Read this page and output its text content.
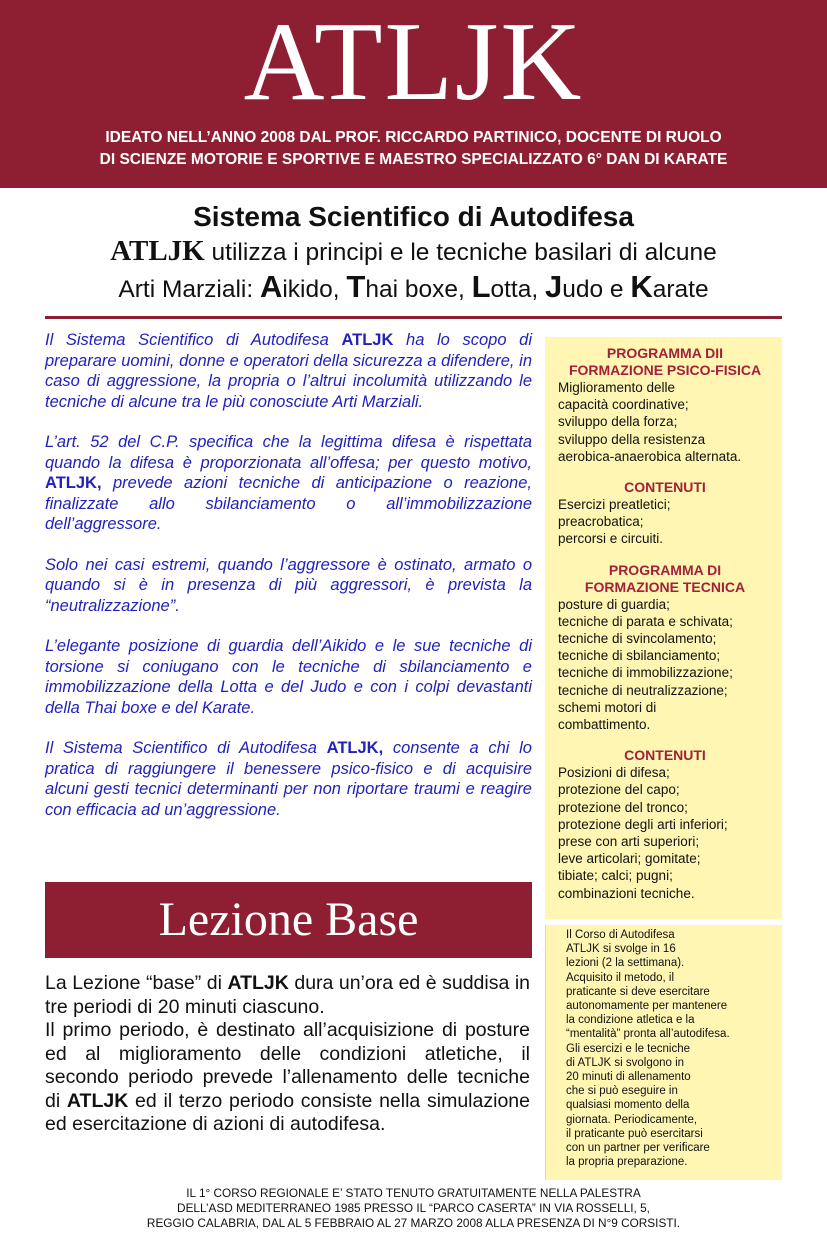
ATLJK
IDEATO NELL’ANNO 2008 DAL PROF. RICCARDO PARTINICO, DOCENTE DI RUOLO
DI SCIENZE MOTORIE E SPORTIVE E MAESTRO SPECIALIZZATO 6° DAN DI KARATE
Sistema Scientifico di Autodifesa
ATLJK utilizza i principi e le tecniche basilari di alcune
Arti Marziali: Aikido, Thai boxe, Lotta, Judo e Karate

Il Sistema Scientifico di Autodifesa ATLJK ha lo scopo di preparare uomini, donne e operatori della sicurezza a difendere, in caso di aggressione, la propria o l’altrui incolumità utilizzando le tecniche di alcune tra le più conosciute Arti Marziali.

L’art. 52 del C.P. specifica che la legittima difesa è rispettata quando la difesa è proporzionata all’offesa; per questo motivo, ATLJK, prevede azioni tecniche di anticipazione o reazione, finalizzate allo sbilanciamento o all’immobilizzazione dell’aggressore.

Solo nei casi estremi, quando l’aggressore è ostinato, armato o quando si è in presenza di più aggressori, è prevista la “neutralizzazione”.

L’elegante posizione di guardia dell’Aikido e le sue tecniche di torsione si coniugano con le tecniche di sbilanciamento e immobilizzazione della Lotta e del Judo e con i colpi devastanti della Thai boxe e del Karate.

Il Sistema Scientifico di Autodifesa ATLJK, consente a chi lo pratica di raggiungere il benessere psico-fisico e di acquisire alcuni gesti tecnici determinanti per non riportare traumi e reagire con efficacia ad un’aggressione.

PROGRAMMA DII
FORMAZIONE PSICO-FISICA
Miglioramento delle
capacità coordinative;
sviluppo della forza;
sviluppo della resistenza
aerobica-anaerobica alternata.
CONTENUTI
Esercizi preatletici;
preacrobatica;
percorsi e circuiti.
PROGRAMMA DI
FORMAZIONE TECNICA
posture di guardia;
tecniche di parata e schivata;
tecniche di svincolamento;
tecniche di sbilanciamento;
tecniche di immobilizzazione;
tecniche di neutralizzazione;
schemi motori di
combattimento.
CONTENUTI
Posizioni di difesa;
protezione del capo;
protezione del tronco;
protezione degli arti inferiori;
prese con arti superiori;
leve articolari; gomitate;
tibiate; calci; pugni;
combinazioni tecniche.
Lezione Base

La Lezione “base” di ATLJK dura un’ora ed è suddisa in tre periodi di 20 minuti ciascuno.

Il primo periodo, è destinato all’acquisizione di posture ed al miglioramento delle condizioni atletiche, il secondo periodo prevede l’allenamento delle tecniche di ATLJK ed il terzo periodo consiste nella simulazione ed esercitazione di azioni di autodifesa.

Il Corso di Autodifesa

ATLJK si svolge in 16

lezioni (2 la settimana).

Acquisito il metodo, il

praticante si deve esercitare

autonomamente per mantenere

la condizione atletica e la

“mentalità” pronta all’autodifesa.

Gli esercizi e le tecniche

di ATLJK si svolgono in

20 minuti di allenamento

che si può eseguire in

qualsiasi momento della

giornata. Periodicamente,

il praticante può esercitarsi

con un partner per verificare

la propria preparazione.

IL 1° CORSO REGIONALE E’ STATO TENUTO GRATUITAMENTE NELLA PALESTRA
DELL’ASD MEDITERRANEO 1985 PRESSO IL “PARCO CASERTA” IN VIA ROSSELLI, 5,
REGGIO CALABRIA, DAL AL 5 FEBBRAIO AL 27 MARZO 2008 ALLA PRESENZA DI N°9 CORSISTI.
